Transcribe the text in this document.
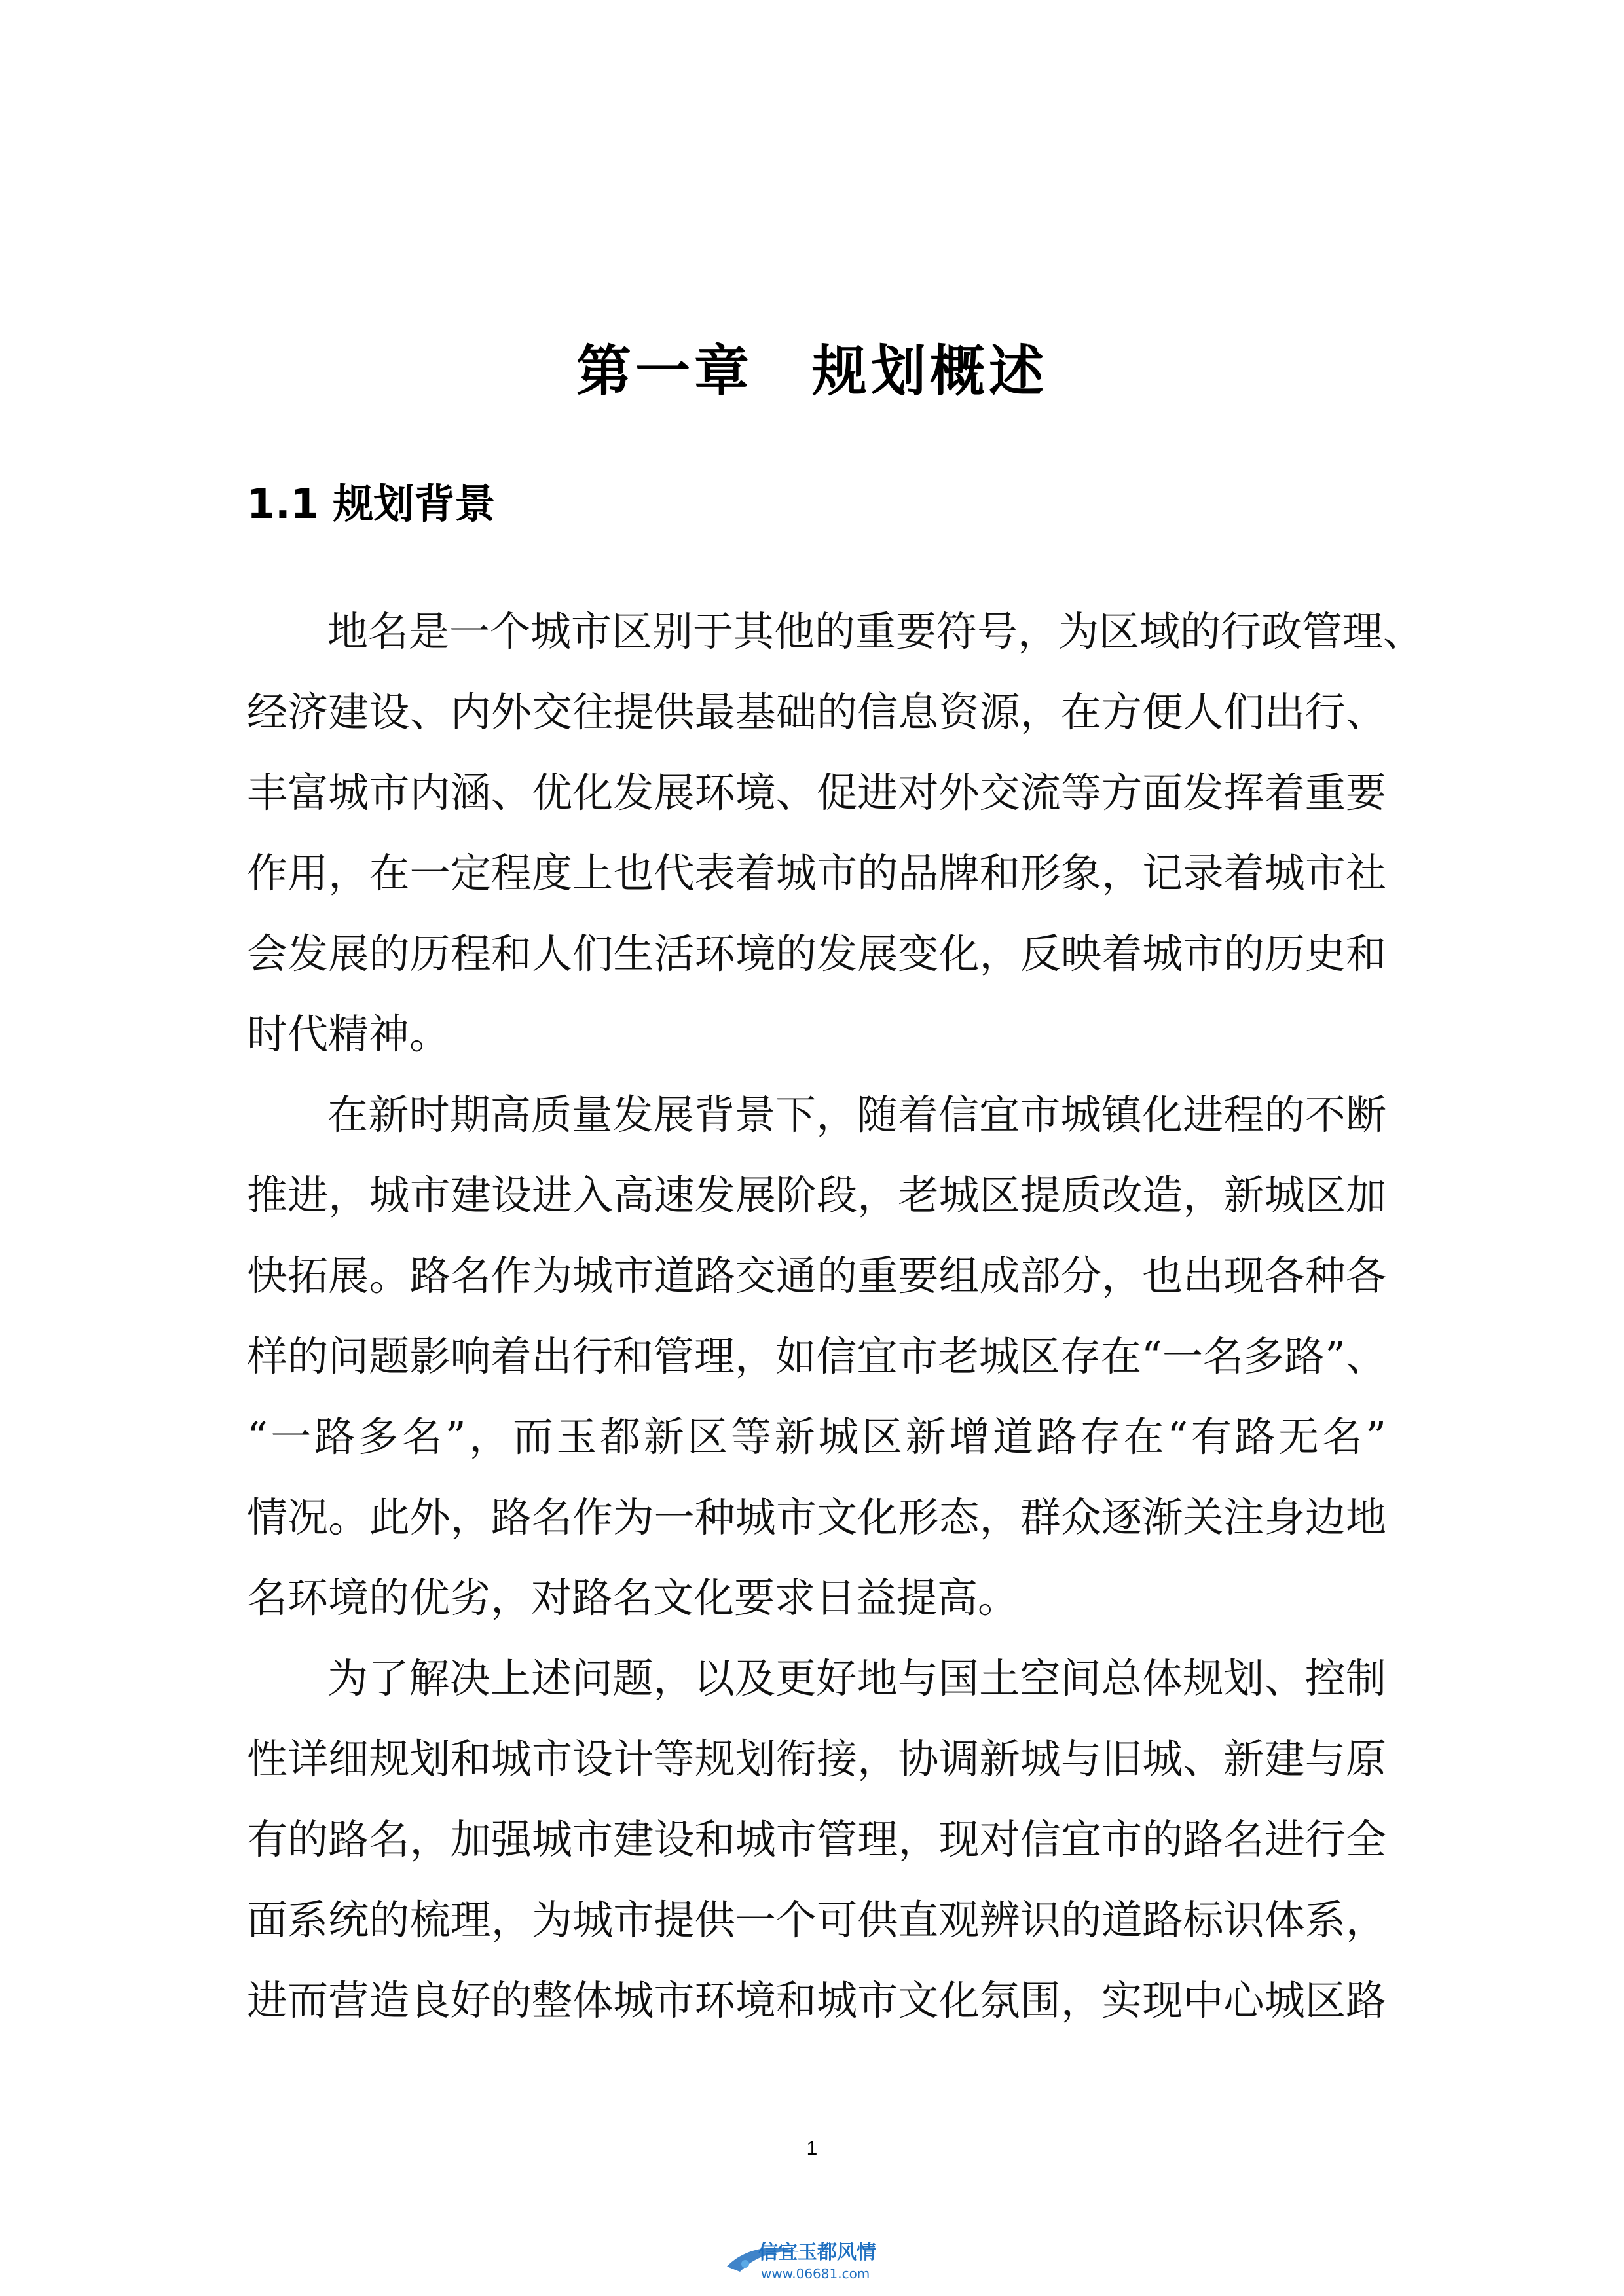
第一章　规划概述
1.1 规划背景
地名是一个城市区别于其他的重要符号，为区域的行政管理、
经济建设、内外交往提供最基础的信息资源，在方便人们出行、
丰富城市内涵、优化发展环境、促进对外交流等方面发挥着重要
作用，在一定程度上也代表着城市的品牌和形象，记录着城市社
会发展的历程和人们生活环境的发展变化，反映着城市的历史和
时代精神。
在新时期高质量发展背景下，随着信宜市城镇化进程的不断
推进，城市建设进入高速发展阶段，老城区提质改造，新城区加
快拓展。路名作为城市道路交通的重要组成部分，也出现各种各
样的问题影响着出行和管理，如信宜市老城区存在“一名多路”、
“一路多名”，而玉都新区等新城区新增道路存在“有路无名”
情况。此外，路名作为一种城市文化形态，群众逐渐关注身边地
名环境的优劣，对路名文化要求日益提高。
为了解决上述问题，以及更好地与国土空间总体规划、控制
性详细规划和城市设计等规划衔接，协调新城与旧城、新建与原
有的路名，加强城市建设和城市管理，现对信宜市的路名进行全
面系统的梳理，为城市提供一个可供直观辨识的道路标识体系，
进而营造良好的整体城市环境和城市文化氛围，实现中心城区路
1
信宜玉都风情
www.06681.com
